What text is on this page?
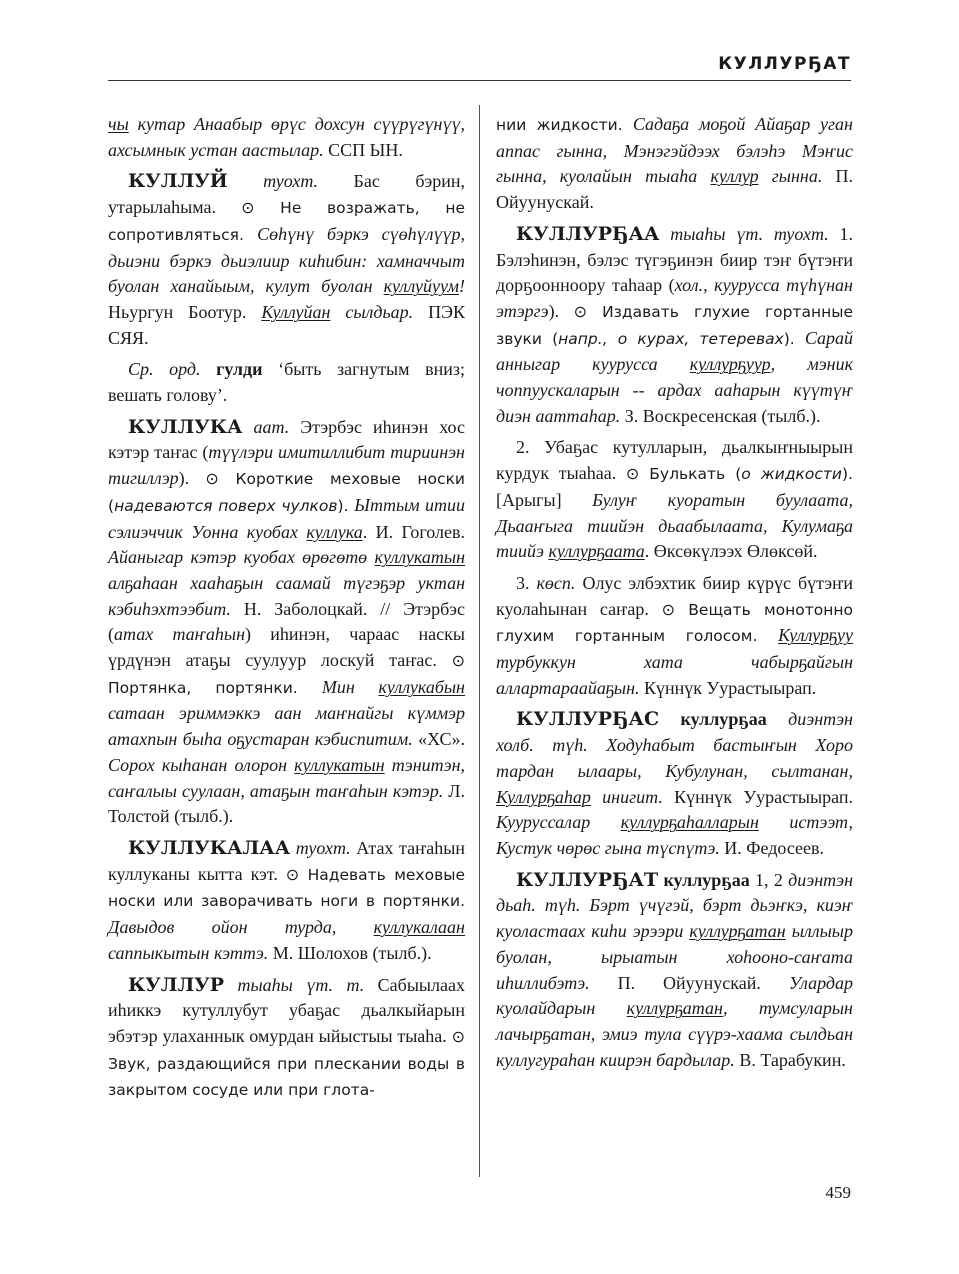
КУЛЛУРҔАТ

чы кутар Анаабыр өрүс дохсун сүүрүгүнүү, ахсымнык устан аастылар. ССП ЫН.

КУЛЛУЙ туохт. Бас бэрин, утарылаһыма. ⊙ Не возражать, не сопротивляться. Сөһүнү бэркэ сүөһүлүүр, дьиэни бэркэ дьиэлиир киһибин: хамначчыт буолан ханайыым, кулут буолан куллуйуум! Ньургун Боотур. Куллуйан сылдьар. ПЭК СЯЯ.

Ср. орд. гулди ‘быть загнутым вниз; вешать голову’.

КУЛЛУКА аат. Этэрбэс иһинэн хос кэтэр таҥас (түүлэри имитиллибит тириинэн тигиллэр). ⊙ Короткие меховые носки (надеваются поверх чулков). Ыттым итии сэлиэччик Уонна куобах куллука. И. Гоголев. Айаныгар кэтэр куобах өрөгөтө куллукатын алҕаһаан хааһаҕын саамай түгэҕэр уктан кэбиһэхтээбит. Н. Заболоцкай. // Этэрбэс (атах таҥаһын) иһинэн, чараас наскы үрдүнэн атаҕы суулуур лоскуй таҥас. ⊙ Портянка, портянки. Мин куллукабын сатаан эриммэккэ аан маҥнайгы күммэр атахпын быһа оҕустаран кэбиспитим. «ХС». Сорох кыһанан олорон куллукатын тэнитэн, саҥалыы суулаан, атаҕын таҥаһын кэтэр. Л. Толстой (тылб.).

КУЛЛУКАЛАА туохт. Атах таҥаһын куллуканы кытта кэт. ⊙ Надевать меховые носки или заворачивать ноги в портянки. Давыдов ойон турда, куллукалаан саппыкытын кэттэ. М. Шолохов (тылб.).

КУЛЛУР тыаһы үт. т. Сабыылаах иһиккэ кутуллубут убаҕас дьалкыйарын эбэтэр улаханнык омурдан ыйыстыы тыаһа. ⊙ Звук, раздающийся при плескании воды в закрытом сосуде или при глота-

нии жидкости. Садаҕа моҕой Айаҕар уган аппас гынна, Мэнэгэйдээх бэлэһэ Мэҥис гынна, куолайын тыаһа куллур гынна. П. Ойуунускай.

КУЛЛУРҔАА тыаһы үт. туохт. 1. Бэлэһинэн, бэлэс түгэҕинэн биир тэҥ бүтэҥи дорҕоонноору таһаар (хол., куурусса түһүнан этэргэ). ⊙ Издавать глухие гортанные звуки (напр., о курах, тетеревах). Сарай анныгар куурусса куллурҕуур, мэник чоппуускаларын -- ардах ааһарын күүтүҥ диэн ааттаһар. З. Воскресенская (тылб.).

2. Убаҕас кутулларын, дьалкыҥныырын курдук тыаһаа. ⊙ Булькать (о жидкости). [Арыгы] Булуҥ куоратын буулаата, Дьааҥыга тиийэн дьаабылаата, Кулумаҕа тиийэ куллурҕаата. Өксөкүлээх Өлөксөй.

3. көсп. Олус элбэхтик биир күрүс бүтэҥи куолаһынан саҥар. ⊙ Вещать монотонно глухим гортанным голосом. Куллурҕуу турбуккун хата чабырҕайгын аллартараайаҕын. Күннүк Уурастыырап.

КУЛЛУРҔАС куллурҕаа диэнтэн холб. түһ. Ходуһабыт бастыҥын Хоро тардан ылаары, Кубулунан, сылтанан, Куллурҕаһар инигит. Күннүк Уурастыырап. Кууруссалар куллурҕаһалларын истээт, Кустук чөрөс гына түспүтэ. И. Федосеев.

КУЛЛУРҔАТ куллурҕаа 1, 2 диэнтэн дьаһ. түһ. Бэрт үчүгэй, бэрт дьэҥкэ, киэҥ куоластаах киһи эрээри куллурҕатан ыллыыр буолан, ырыатын хоһооно-саҥата иһиллибэтэ. П. Ойуунускай. Улардар куолайдарын куллурҕатан, тумсуларын лачырҕатан, эмиэ тула сүүрэ-хаама сылдьан куллугураһан киирэн бардылар. В. Тарабукин.

459
